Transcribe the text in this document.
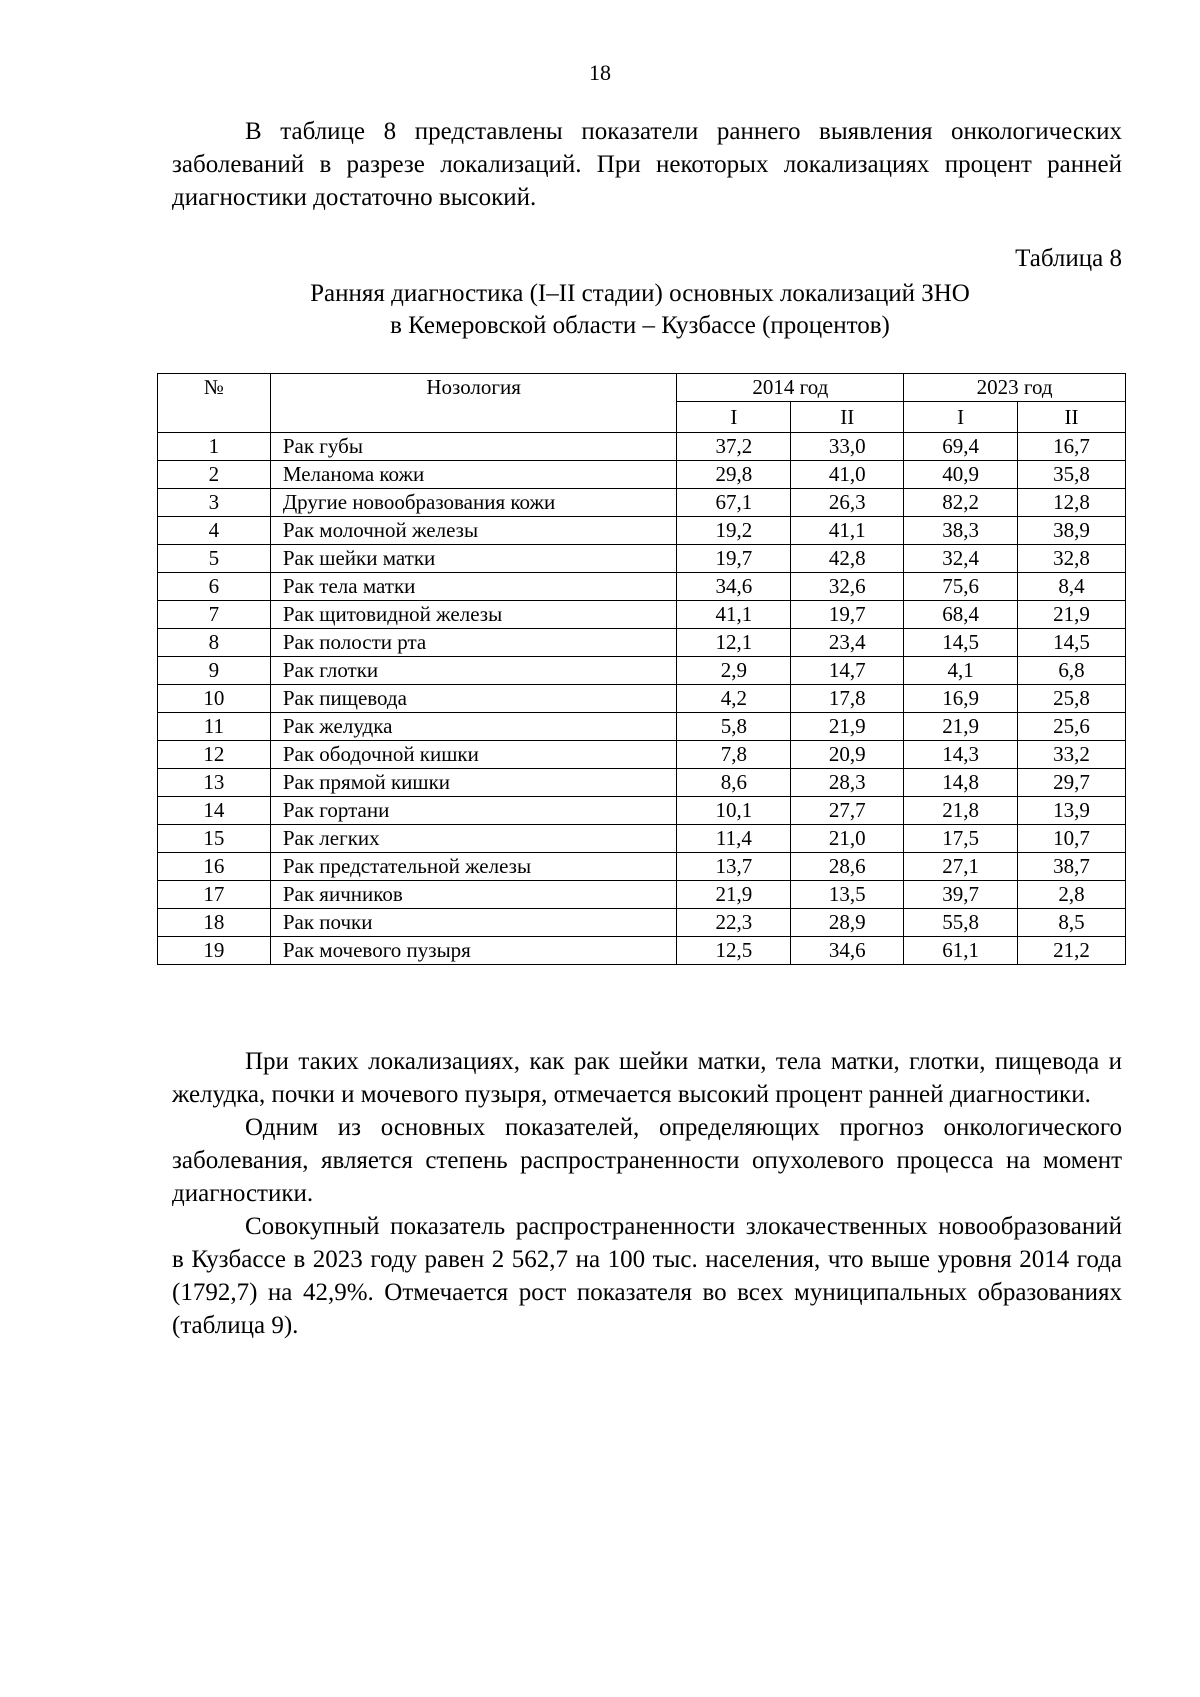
18

В таблице 8 представлены показатели раннего выявления онкологических заболеваний в разрезе локализаций. При некоторых локализациях процент ранней диагностики достаточно высокий.

Таблица 8
Ранняя диагностика (I–II стадии) основных локализаций ЗНО
в Кемеровской области – Кузбассе (процентов)
№	Нозология	2014 год		2023 год	
		I	II	I	II
1	Рак губы	37,2	33,0	69,4	16,7
2	Меланома кожи	29,8	41,0	40,9	35,8
3	Другие новообразования кожи	67,1	26,3	82,2	12,8
4	Рак молочной железы	19,2	41,1	38,3	38,9
5	Рак шейки матки	19,7	42,8	32,4	32,8
6	Рак тела матки	34,6	32,6	75,6	8,4
7	Рак щитовидной железы	41,1	19,7	68,4	21,9
8	Рак полости рта	12,1	23,4	14,5	14,5
9	Рак глотки	2,9	14,7	4,1	6,8
10	Рак пищевода	4,2	17,8	16,9	25,8
11	Рак желудка	5,8	21,9	21,9	25,6
12	Рак ободочной кишки	7,8	20,9	14,3	33,2
13	Рак прямой кишки	8,6	28,3	14,8	29,7
14	Рак гортани	10,1	27,7	21,8	13,9
15	Рак легких	11,4	21,0	17,5	10,7
16	Рак предстательной железы	13,7	28,6	27,1	38,7
17	Рак яичников	21,9	13,5	39,7	2,8
18	Рак почки	22,3	28,9	55,8	8,5
19	Рак мочевого пузыря	12,5	34,6	61,1	21,2

При таких локализациях, как рак шейки матки, тела матки, глотки, пищевода и желудка, почки и мочевого пузыря, отмечается высокий процент ранней диагностики.

Одним из основных показателей, определяющих прогноз онкологического заболевания, является степень распространенности опухолевого процесса на момент диагностики.

Совокупный показатель распространенности злокачественных новообразований в Кузбассе в 2023 году равен 2 562,7 на 100 тыс. населения, что выше уровня 2014 года (1792,7) на 42,9%. Отмечается рост показателя во всех муниципальных образованиях (таблица 9).
